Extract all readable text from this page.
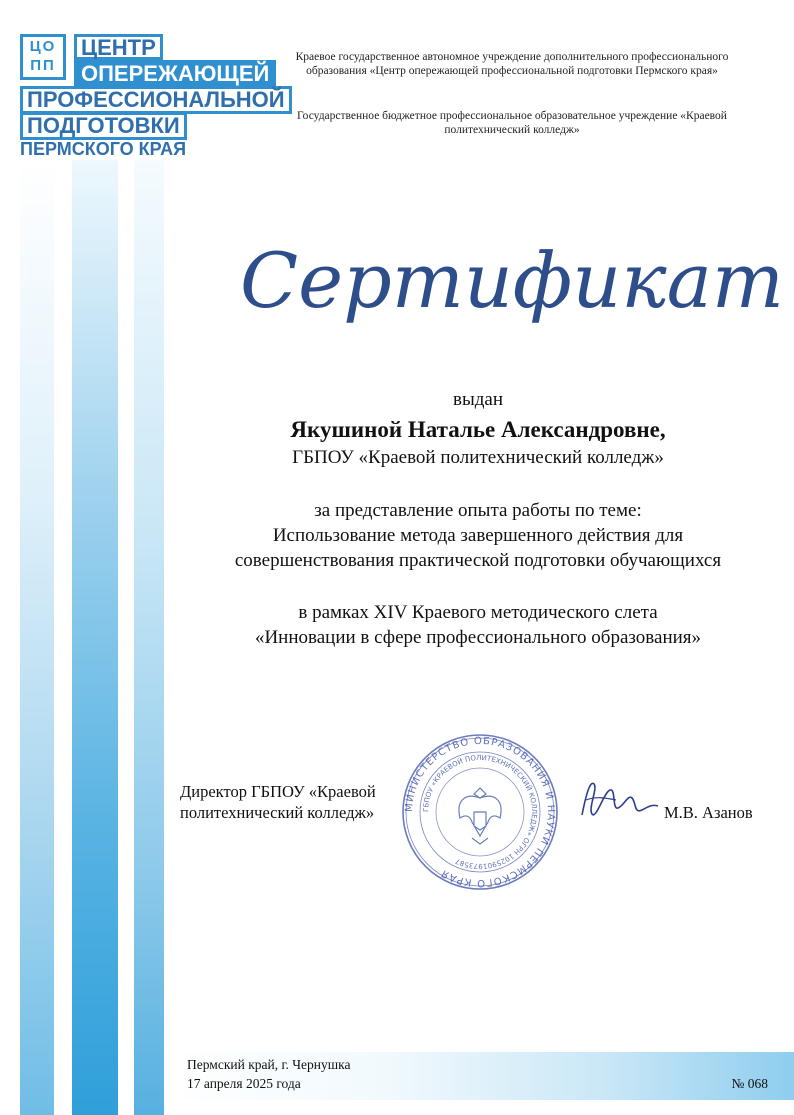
ЦО ПП
ЦЕНТР
ОПЕРЕЖАЮЩЕЙ
ПРОФЕССИОНАЛЬНОЙ
ПОДГОТОВКИ
ПЕРМСКОГО КРАЯ
Краевое государственное автономное учреждение дополнительного профессионального образования «Центр опережающей профессиональной подготовки Пермского края»
Государственное бюджетное профессиональное образовательное учреждение «Краевой политехнический колледж»
Сертификат
выдан
Якушиной Наталье Александровне,
ГБПОУ «Краевой политехнический колледж»
за представление опыта работы по теме:
Использование метода завершенного действия для
совершенствования практической подготовки обучающихся
в рамках XIV Краевого методического слета
«Инновации в сфере профессионального образования»
МИНИСТЕРСТВО ОБРАЗОВАНИЯ И НАУКИ ПЕРМСКОГО КРАЯ
ГБПОУ «КРАЕВОЙ ПОЛИТЕХНИЧЕСКИЙ КОЛЛЕДЖ» ОГРН 1025901973587
Директор ГБПОУ «Краевой
политехнический колледж»	М.В. Азанов
Пермский край, г. Чернушка
17 апреля 2025 года	№ 068
